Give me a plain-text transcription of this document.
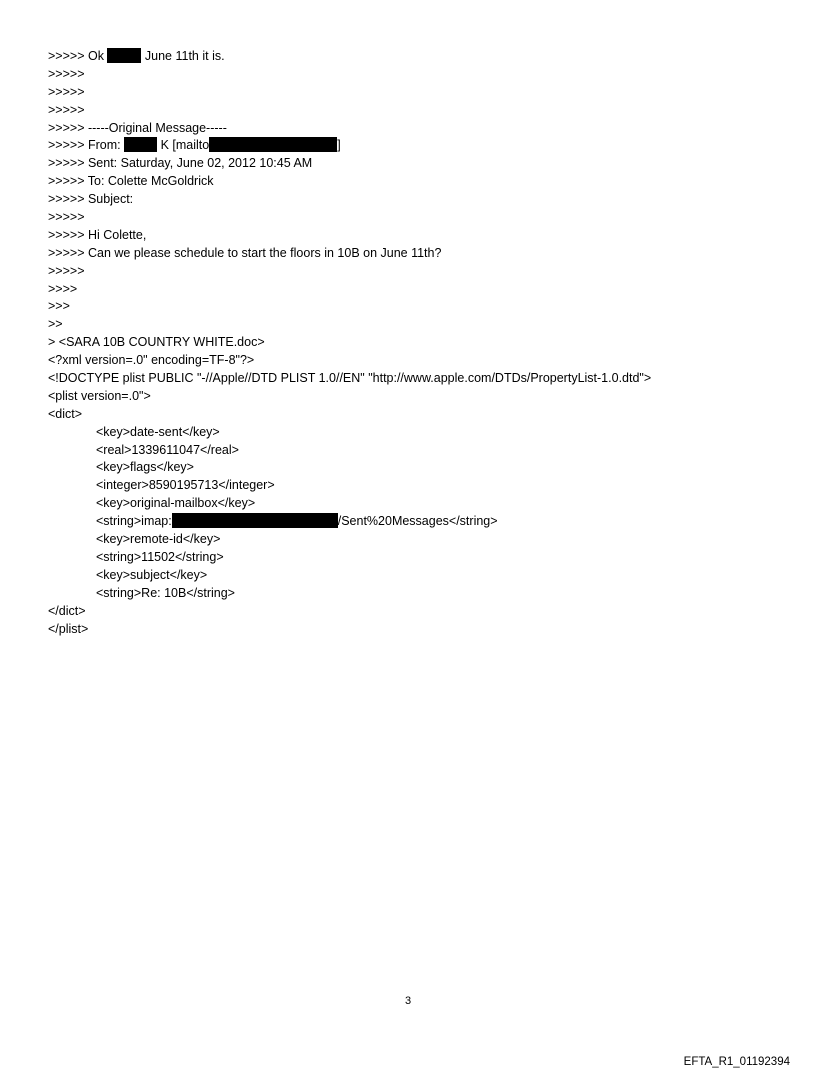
>>>>> Ok	June 11th it is.
>>>>>
>>>>>
>>>>>
>>>>> -----Original Message-----
>>>>> From:	K [mailto	]
>>>>> Sent: Saturday, June 02, 2012 10:45 AM
>>>>> To: Colette McGoldrick
>>>>> Subject:
>>>>>
>>>>> Hi Colette,
>>>>> Can we please schedule to start the floors in 10B on June 11th?
>>>>>
>>>>
>>>
>>
> <SARA 10B COUNTRY WHITE.doc>
<?xml version=.0" encoding=TF-8"?>
<!DOCTYPE plist PUBLIC "-//Apple//DTD PLIST 1.0//EN" "http://www.apple.com/DTDs/PropertyList-1.0.dtd">
<plist version=.0">
<dict>
<key>date-sent</key>
<real>1339611047</real>
<key>flags</key>
<integer>8590195713</integer>
<key>original-mailbox</key>
<string>imap:	/Sent%20Messages</string>
<key>remote-id</key>
<string>11502</string>
<key>subject</key>
<string>Re: 10B</string>
</dict>
</plist>
3
EFTA_R1_01192394
